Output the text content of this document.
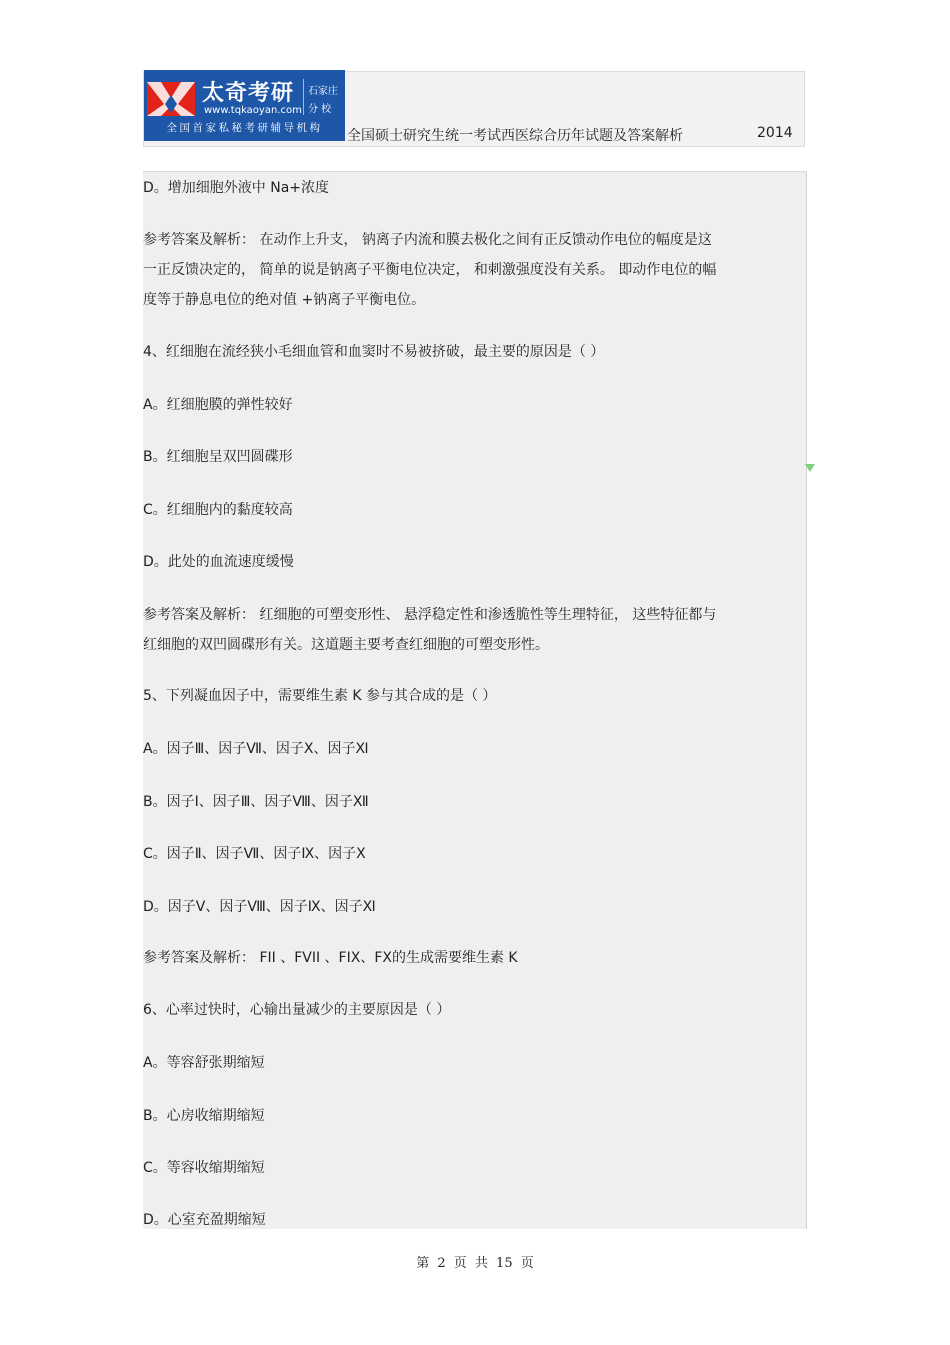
太奇考研
www.tqkaoyan.com
石家庄
分 校
全国首家私秘考研辅导机构	全国硕士研究生统一考试西医综合历年试题及答案解析	2014
D。增加细胞外液中 Na+浓度
参考答案及解析： 在动作上升支， 钠离子内流和膜去极化之间有正反馈动作电位的幅度是这
一正反馈决定的， 简单的说是钠离子平衡电位决定， 和刺激强度没有关系。 即动作电位的幅
度等于静息电位的绝对值 +钠离子平衡电位。
4、红细胞在流经狭小毛细血管和血窦时不易被挤破，最主要的原因是（ ）
A。红细胞膜的弹性较好
B。红细胞呈双凹圆碟形
C。红细胞内的黏度较高
D。此处的血流速度缓慢
参考答案及解析： 红细胞的可塑变形性、 悬浮稳定性和渗透脆性等生理特征， 这些特征都与
红细胞的双凹圆碟形有关。这道题主要考查红细胞的可塑变形性。
5、下列凝血因子中，需要维生素 K 参与其合成的是（ ）
A。因子Ⅲ、因子Ⅶ、因子Ⅹ、因子Ⅺ
B。因子Ⅰ、因子Ⅲ、因子Ⅷ、因子Ⅻ
C。因子Ⅱ、因子Ⅶ、因子Ⅸ、因子Ⅹ
D。因子Ⅴ、因子Ⅷ、因子Ⅸ、因子Ⅺ
参考答案及解析： FII 、FVII 、FIX、FX的生成需要维生素 K
6、心率过快时，心输出量减少的主要原因是（ ）
A。等容舒张期缩短
B。心房收缩期缩短
C。等容收缩期缩短
D。心室充盈期缩短
第 2 页 共 15 页
